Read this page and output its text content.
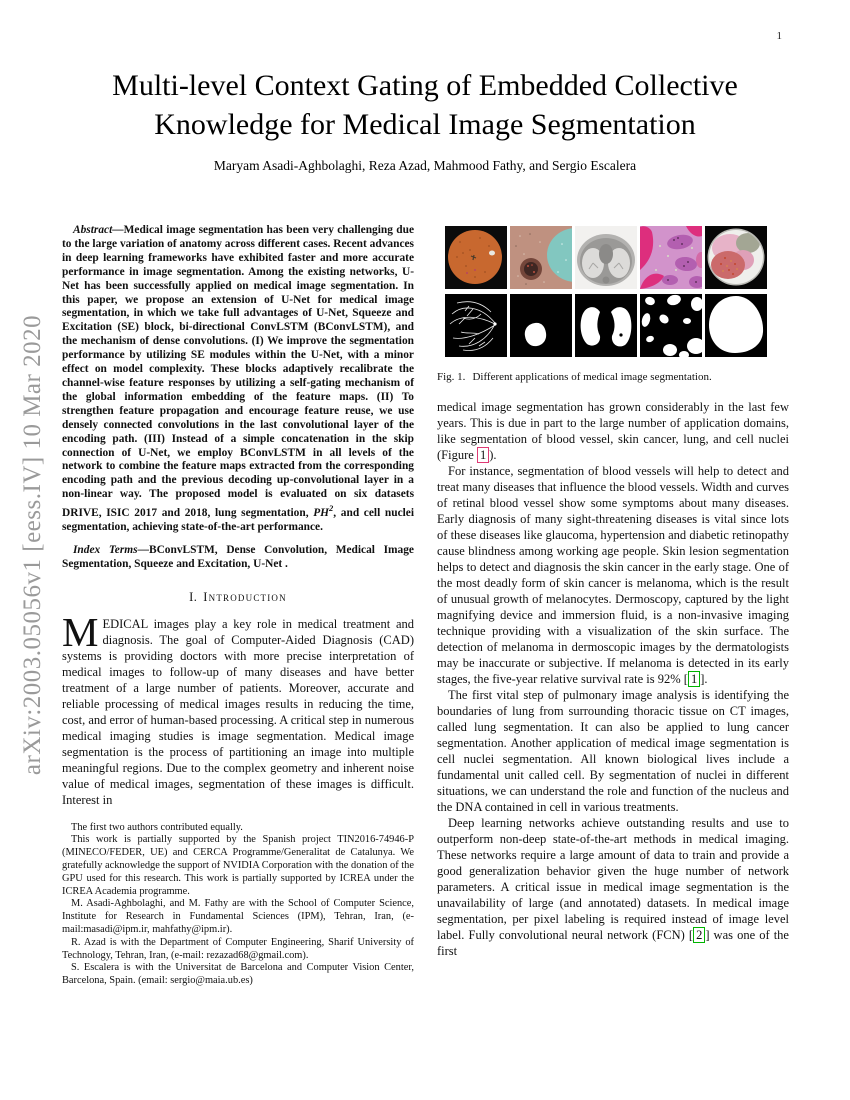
1
arXiv:2003.05056v1 [eess.IV] 10 Mar 2020
Multi-level Context Gating of Embedded Collective Knowledge for Medical Image Segmentation
Maryam Asadi-Aghbolaghi, Reza Azad, Mahmood Fathy, and Sergio Escalera

Abstract—Medical image segmentation has been very challenging due to the large variation of anatomy across different cases. Recent advances in deep learning frameworks have exhibited faster and more accurate performance in image segmentation. Among the existing networks, U-Net has been successfully applied on medical image segmentation. In this paper, we propose an extension of U-Net for medical image segmentation, in which we take full advantages of U-Net, Squeeze and Excitation (SE) block, bi-directional ConvLSTM (BConvLSTM), and the mechanism of dense convolutions. (I) We improve the segmentation performance by utilizing SE modules within the U-Net, with a minor effect on model complexity. These blocks adaptively recalibrate the channel-wise feature responses by utilizing a self-gating mechanism of the global information embedding of the feature maps. (II) To strengthen feature propagation and encourage feature reuse, we use densely connected convolutions in the last convolutional layer of the encoding path. (III) Instead of a simple concatenation in the skip connection of U-Net, we employ BConvLSTM in all levels of the network to combine the feature maps extracted from the corresponding encoding path and the previous decoding up-convolutional layer in a non-linear way. The proposed model is evaluated on six datasets DRIVE, ISIC 2017 and 2018, lung segmentation, $PH^2$, and cell nuclei segmentation, achieving state-of-the-art performance.

Index Terms—BConvLSTM, Dense Convolution, Medical Image Segmentation, Squeeze and Excitation, U-Net .

I. Introduction

MEDICAL images play a key role in medical treatment and diagnosis. The goal of Computer-Aided Diagnosis (CAD) systems is providing doctors with more precise interpretation of medical images to follow-up of many diseases and have better treatment of a large number of patients. Moreover, accurate and reliable processing of medical images results in reducing the time, cost, and error of human-based processing. A critical step in numerous medical imaging studies is image segmentation. Medical image segmentation is the process of partitioning an image into multiple meaningful regions. Due to the complex geometry and inherent noise value of medical images, segmentation of these images is difficult. Interest in

The first two authors contributed equally.

This work is partially supported by the Spanish project TIN2016-74946-P (MINECO/FEDER, UE) and CERCA Programme/Generalitat de Catalunya. We gratefully acknowledge the support of NVIDIA Corporation with the donation of the GPU used for this research. This work is partially supported by ICREA under the ICREA Academia programme.

M. Asadi-Aghbolaghi, and M. Fathy are with the School of Computer Science, Institute for Research in Fundamental Sciences (IPM), Tehran, Iran, (e-mail:masadi@ipm.ir, mahfathy@ipm.ir).

R. Azad is with the Department of Computer Engineering, Sharif University of Technology, Tehran, Iran, (e-mail: rezazad68@gmail.com).

S. Escalera is with the Universitat de Barcelona and Computer Vision Center, Barcelona, Spain. (email: sergio@maia.ub.es)

Fig. 1. Different applications of medical image segmentation.

medical image segmentation has grown considerably in the last few years. This is due in part to the large number of application domains, like segmentation of blood vessel, skin cancer, lung, and cell nuclei (Figure 1 ).

For instance, segmentation of blood vessels will help to detect and treat many diseases that influence the blood vessels. Width and curves of retinal blood vessel show some symptoms about many diseases. Early diagnosis of many sight-threatening diseases is vital since lots of these diseases like glaucoma, hypertension and diabetic retinopathy cause blindness among working age people. Skin lesion segmentation helps to detect and diagnosis the skin cancer in the early stage. One of the most deadly form of skin cancer is melanoma, which is the result of unusual growth of melanocytes. Dermoscopy, captured by the light magnifying device and immersion fluid, is a non-invasive imaging technique providing with a visualization of the skin surface. The detection of melanoma in dermoscopic images by the dermatologists may be inaccurate or subjective. If melanoma is detected in its early stages, the five-year relative survival rate is 92% [ 1 ].

The first vital step of pulmonary image analysis is identifying the boundaries of lung from surrounding thoracic tissue on CT images, called lung segmentation. It can also be applied to lung cancer segmentation. Another application of medical image segmentation is cell nuclei segmentation. All known biological lives include a fundamental unit called cell. By segmentation of nuclei in different situations, we can understand the role and function of the nucleus and the DNA contained in cell in various treatments.

Deep learning networks achieve outstanding results and use to outperform non-deep state-of-the-art methods in medical imaging. These networks require a large amount of data to train and provide a good generalization behavior given the huge number of network parameters. A critical issue in medical image segmentation is the unavailability of large (and annotated) datasets. In medical image segmentation, per pixel labeling is required instead of image level label. Fully convolutional neural network (FCN) [ 2 ] was one of the first
